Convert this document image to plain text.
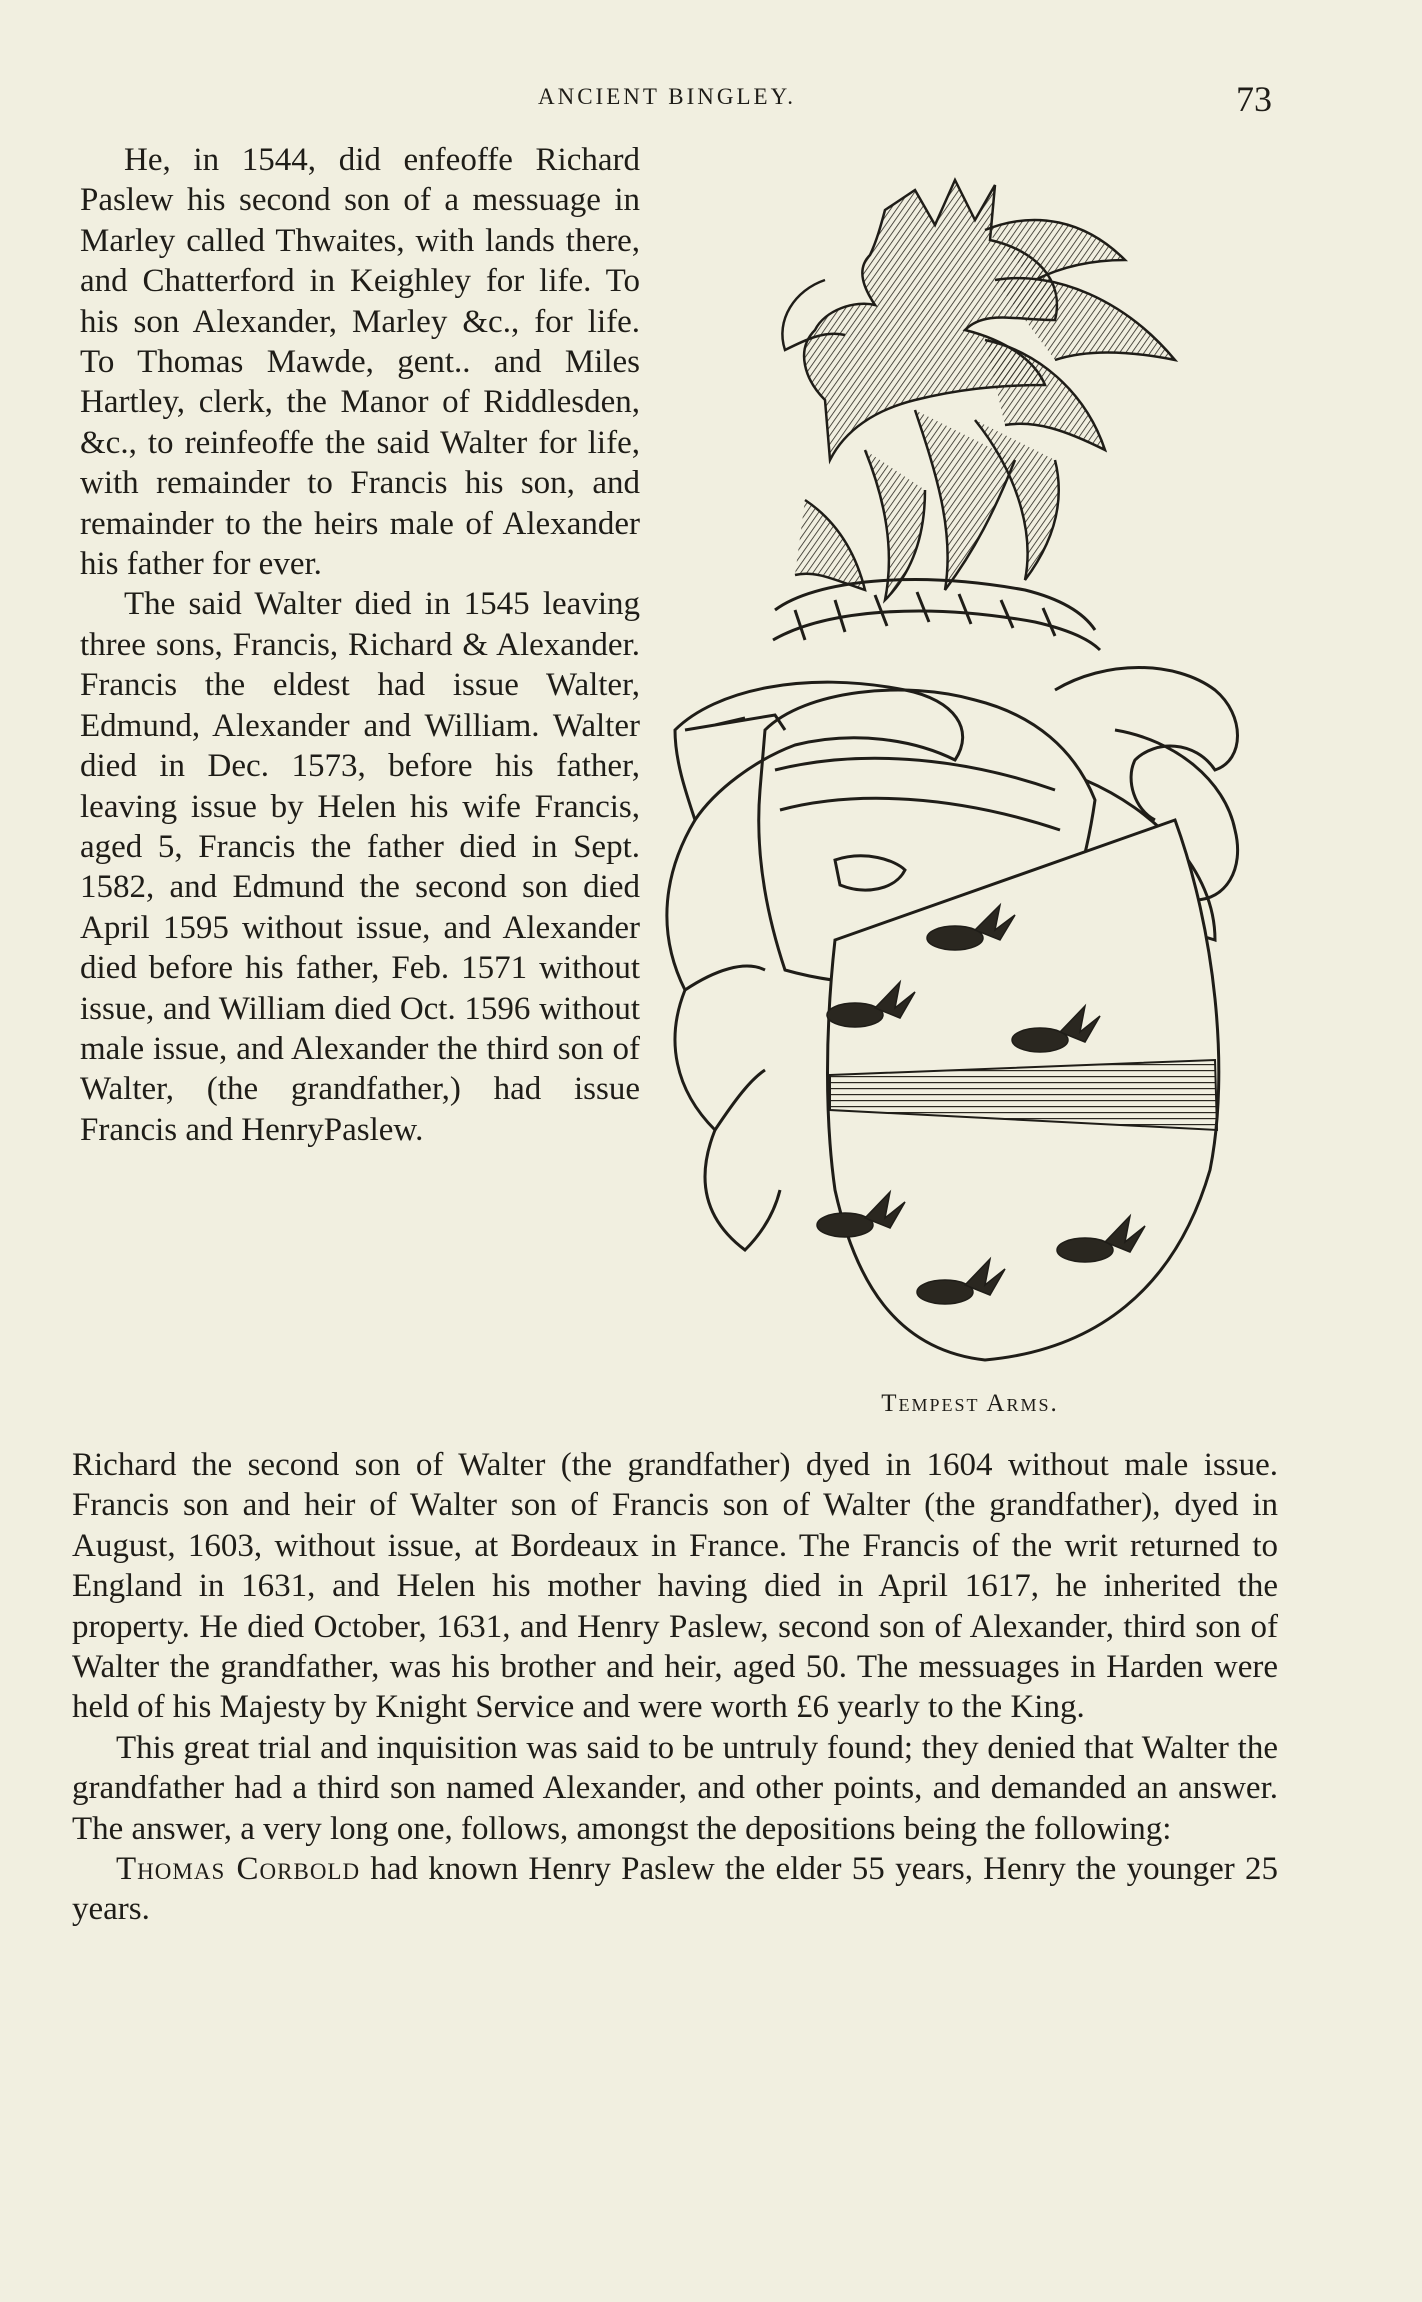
ANCIENT BINGLEY.	73

He, in 1544, did enfeoffe Richard Paslew his second son of a messuage in Marley called Thwaites, with lands there, and Chatterford in Keighley for life. To his son Alexander, Marley &c., for life. To Thomas Mawde, gent.. and Miles Hartley, clerk, the Manor of Riddlesden, &c., to reinfeoffe the said Walter for life, with remainder to Francis his son, and remainder to the heirs male of Alexander his father for ever.

The said Walter died in 1545 leaving three sons, Francis, Richard & Alexander. Francis the eldest had issue Walter, Edmund, Alexander and William. Walter died in Dec. 1573, before his father, leaving issue by Helen his wife Francis, aged 5, Francis the father died in Sept. 1582, and Edmund the second son died April 1595 without issue, and Alexander died before his father, Feb. 1571 without issue, and William died Oct. 1596 without male issue, and Alexander the third son of Walter, (the grandfather,) had issue Francis and HenryPaslew.

Tempest Arms.

Richard the second son of Walter (the grandfather) dyed in 1604 without male issue. Francis son and heir of Walter son of Francis son of Walter (the grandfather), dyed in August, 1603, without issue, at Bordeaux in France. The Francis of the writ returned to England in 1631, and Helen his mother having died in April 1617, he inherited the property. He died October, 1631, and Henry Paslew, second son of Alexander, third son of Walter the grandfather, was his brother and heir, aged 50. The messuages in Harden were held of his Majesty by Knight Service and were worth £6 yearly to the King.

This great trial and inquisition was said to be untruly found; they denied that Walter the grandfather had a third son named Alexander, and other points, and demanded an answer. The answer, a very long one, follows, amongst the depositions being the following:

Thomas Corbold had known Henry Paslew the elder 55 years, Henry the younger 25 years.
